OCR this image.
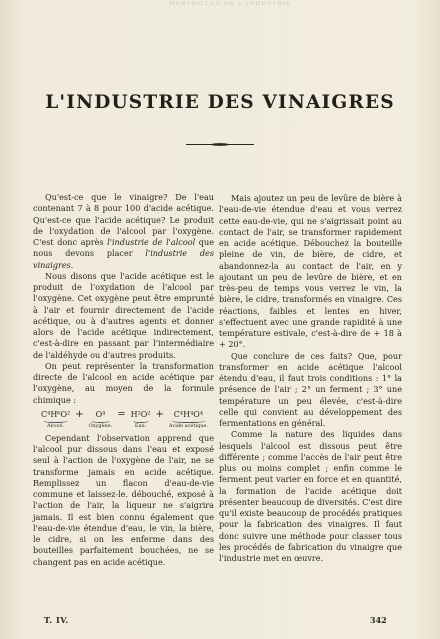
MERVEILLES DE L'INDUSTRIE
L'INDUSTRIE DES VINAIGRES

Qu'est-ce que le vinaigre? De l'eau contenant 7 à 8 pour 100 d'acide acétique. Qu'est-ce que l'acide acétique? Le produit de l'oxydation de l'alcool par l'oxygène. C'est donc après l'industrie de l'alcool que nous devons placer l'industrie des vinaigres.

Nous disons que l'acide acétique est le produit de l'oxydation de l'alcool par l'oxygène. Cet oxygène peut être emprunté à l'air et fournir directement de l'acide acétique, ou à d'autres agents et donner alors de l'acide acétique indirectement, c'est-à-dire en passant par l'intermédiaire de l'aldéhyde ou d'autres produits.

On peut représenter la transformation directe de l'alcool en acide acétique par l'oxygène, au moyen de la formule chimique :

C⁴H⁶O²
Alcool.
+	O⁴
Oxygène.
= H²O²
Eau.
+	C⁴H⁴O⁴
Acide acétique.

Cependant l'observation apprend que l'alcool pur dissous dans l'eau et exposé seul à l'action de l'oxygène de l'air, ne se transforme jamais en acide acétique. Remplissez un flacon d'eau-de-vie commune et laissez-le. débouché, exposé à l'action de l'air, la liqueur ne s'aigrira jamais. Il est bien connu également que l'eau-de-vie étendue d'eau, le vin, la bière, le cidre, si on les enferme dans des bouteilles parfaitement bouchées, ne se changent pas en acide acétique.

Mais ajoutez un peu de levûre de bière à l'eau-de-vie étendue d'eau et vous verrez cette eau-de-vie, qui ne s'aigrissait point au contact de l'air, se transformer rapidement en acide acétique. Débouchez la bouteille pleine de vin, de bière, de cidre, et abandonnez-la au contact de l'air, en y ajoutant un peu de levûre de bière, et en très-peu de temps vous verrez le vin, la bière, le cidre, transformés en vinaigre. Ces réactions, faibles et lentes en hiver, s'effectuent avec une grande rapidité à une température estivale, c'est-à-dire de + 18 à + 20°.

Que conclure de ces faits? Que, pour transformer en acide acétique l'alcool étendu d'eau, il faut trois conditions : 1° la présence de l'air ; 2° un ferment ; 3° une température un peu élevée, c'est-à-dire celle qui convient au développement des fermentations en général.

Comme la nature des liquides dans lesquels l'alcool est dissous peut être différente ; comme l'accès de l'air peut être plus ou moins complet ; enfin comme le ferment peut varier en force et en quantité, la formation de l'acide acétique doit présenter beaucoup de diversités. C'est dire qu'il existe beaucoup de procédés pratiques pour la fabrication des vinaigres. Il faut donc suivre une méthode pour classer tous les procédés de fabrication du vinaigre que l'industrie met en œuvre.

T. IV.	342
